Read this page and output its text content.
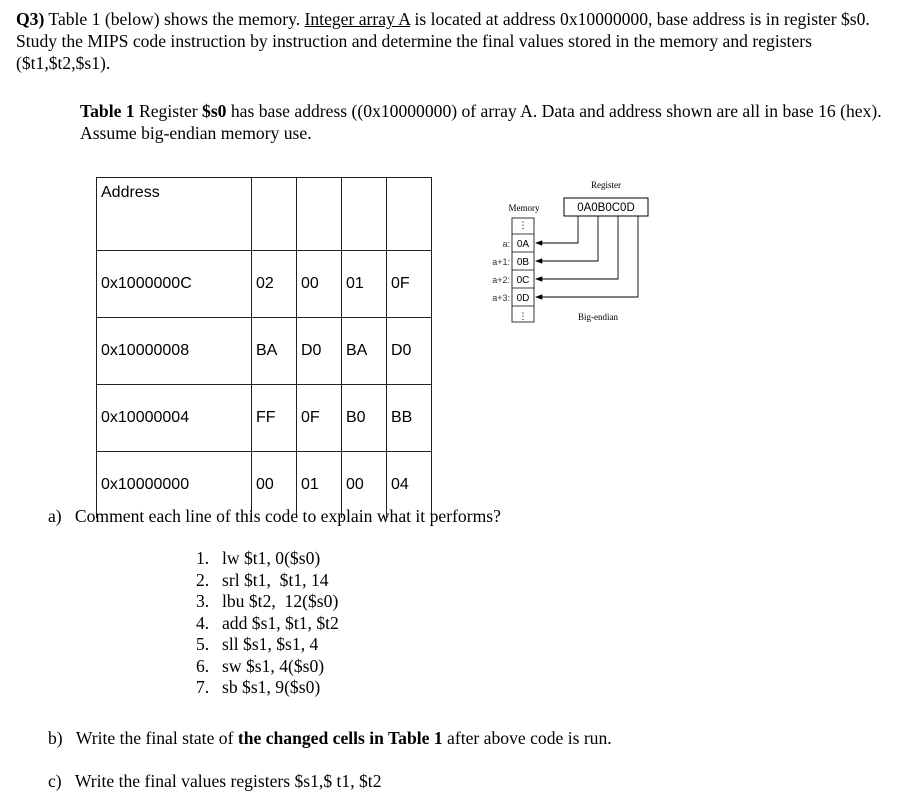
Q3) Table 1 (below) shows the memory. Integer array A is located at address 0x10000000, base address is in register $s0. Study the MIPS code instruction by instruction and determine the final values stored in the memory and registers ($t1,$t2,$s1).
Table 1 Register $s0 has base address ((0x10000000) of array A. Data and address shown are all in base 16 (hex). Assume big-endian memory use.
Address				
0x1000000C	02	00	01	0F
0x10000008	BA	D0	BA	D0
0x10000004	FF	0F	B0	BB
0x10000000	00	01	00	04
Register
0A0B0C0D
Memory
⋮
⋮
a:
a+1:
a+2:
a+3:
0A
0B
0C
0D
Big-endian
a) Comment each line of this code to explain what it performs?
1. lw $t1, 0($s0)
2. srl $t1,  $t1, 14
3. lbu $t2,  12($s0)
4. add $s1, $t1, $t2
5. sll $s1, $s1, 4
6. sw $s1, 4($s0)
7. sb $s1, 9($s0)
b) Write the final state of the changed cells in Table 1 after above code is run.
c) Write the final values registers $s1,$ t1, $t2
